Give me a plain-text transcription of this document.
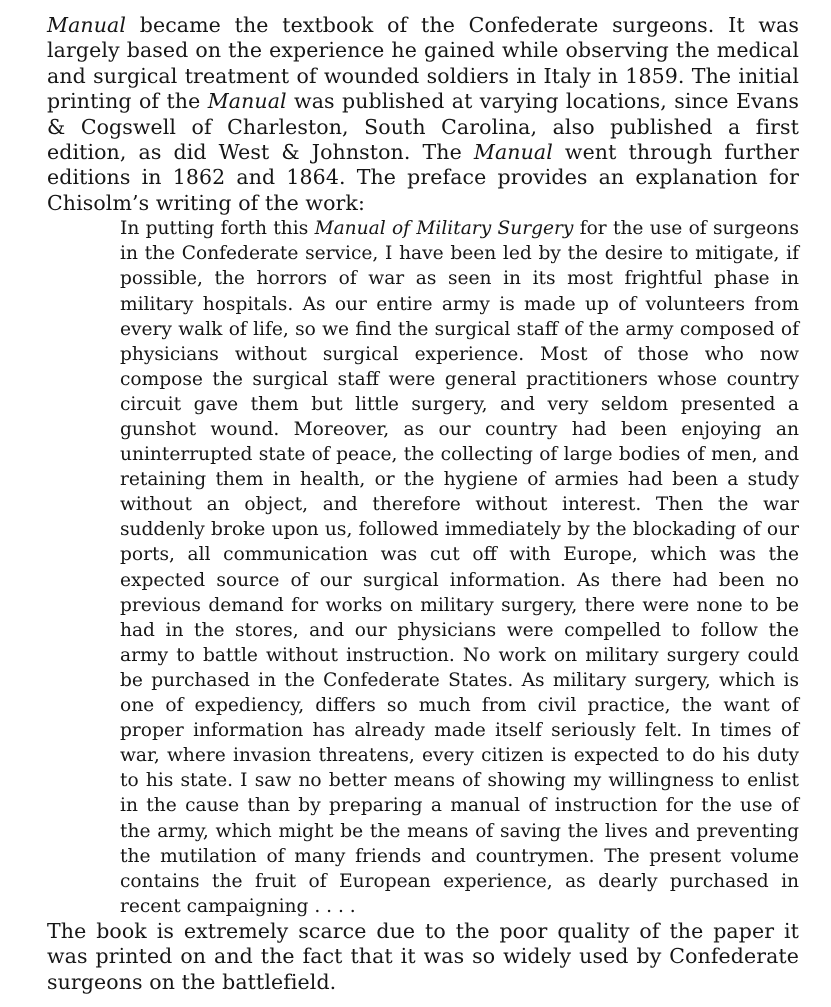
Manual became the textbook of the Confederate surgeons. It was largely based on the experience he gained while observing the medical and surgical treatment of wounded soldiers in Italy in 1859. The initial printing of the Manual was published at varying locations, since Evans & Cogswell of Charleston, South Carolina, also published a first edition, as did West & Johnston. The Manual went through further editions in 1862 and 1864. The preface provides an explanation for Chisolm’s writing of the work:

In putting forth this Manual of Military Surgery for the use of surgeons in the Confederate service, I have been led by the desire to mitigate, if possible, the horrors of war as seen in its most frightful phase in military hospitals. As our entire army is made up of volunteers from every walk of life, so we find the surgical staff of the army composed of physicians without surgical experience. Most of those who now compose the surgical staff were general practitioners whose country circuit gave them but little surgery, and very seldom presented a gunshot wound. Moreover, as our country had been enjoying an uninterrupted state of peace, the collecting of large bodies of men, and retaining them in health, or the hygiene of armies had been a study without an object, and therefore without interest. Then the war suddenly broke upon us, followed immediately by the blockading of our ports, all communication was cut off with Europe, which was the expected source of our surgical information. As there had been no previous demand for works on military surgery, there were none to be had in the stores, and our physicians were compelled to follow the army to battle without instruction. No work on military surgery could be purchased in the Confederate States. As military surgery, which is one of expediency, differs so much from civil practice, the want of proper information has already made itself seriously felt. In times of war, where invasion threatens, every citizen is expected to do his duty to his state. I saw no better means of showing my willingness to enlist in the cause than by preparing a manual of instruction for the use of the army, which might be the means of saving the lives and preventing the mutilation of many friends and countrymen. The present volume contains the fruit of European experience, as dearly purchased in recent campaigning . . . .

The book is extremely scarce due to the poor quality of the paper it was printed on and the fact that it was so widely used by Confederate surgeons on the battlefield.
